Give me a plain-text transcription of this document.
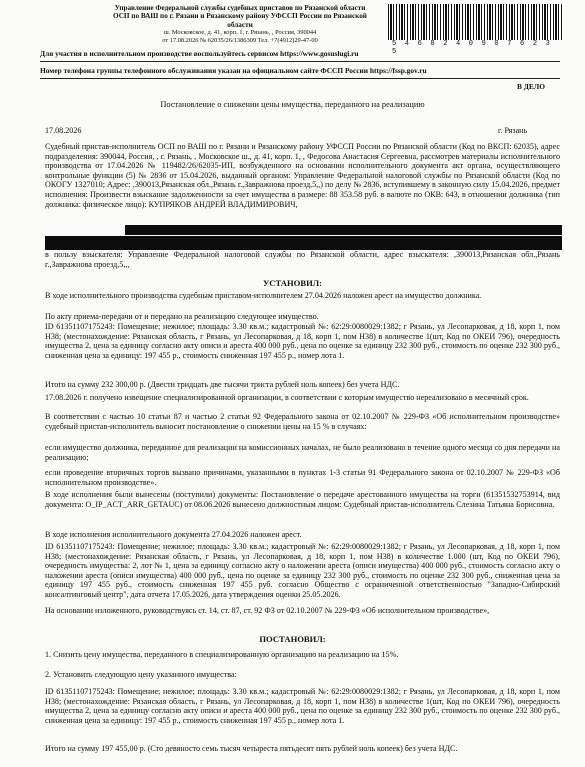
Управление Федеральной службы судебных приставов по Рязанской области
ОСП по ВАШ по г. Рязани и Рязанскому району УФССП России по Рязанской
области
ш. Московское, д. 41, корп. 1, г. Рязань, , Россия, 390044
от 17.08.2026 № 62035/26/1386309 Тел. +7(4912)29-47-00	5 4 6 8 2 4 0 9 0 7 6 2 3 5
Для участия в исполнительном производстве воспользуйтесь сервисом https://www.gosuslugi.ru
Номер телефона группы телефонного обслуживания указан на официальном сайте ФССП России https://fssp.gov.ru
В ДЕЛО
Постановление о снижении цены имущества, переданного на реализацию
17.08.2026	г. Рязань
Судебный пристав-исполнитель ОСП по ВАШ по г. Рязани и Рязанскому району УФССП России по Рязанской области (Код по ВКСП: 62035), адрес подразделения: 390044, Россия, , г. Рязань, , Московское ш., д. 41, корп. 1, , Федосова Анастасия Сергеевна, рассмотрев материалы исполнительного производства от 17.04.2026 № 119482/26/62035-ИП, возбужденного на основании исполнительного документа акт органа, осуществляющего контрольные функции (5) № 2836 от 15.04.2026, выданный органом: Управление Федеральной налоговой службы по Рязанской области (Код по ОКОГУ 1327010; Адрес: ,390013,Рязанская обл.,Рязань г.,Завражнова проезд,5,,) по делу № 2836, вступившему в законную силу 15.04.2026, предмет исполнения: Произвести взыскание задолженности за счет имущества в размере: 88 353.58 руб. в валюте по ОКВ: 643, в отношении должника (тип должника: физическое лицо): КУПРЯКОВ АНДРЕЙ ВЛАДИМИРОВИЧ,
в пользу взыскателя: Управление Федеральной налоговой службы по Рязанской области, адрес взыскателя: ,390013,Рязанская обл.,Рязань г.,Завражнова проезд,5,,,
УСТАНОВИЛ:
В ходе исполнительного производства судебным приставом-исполнителем 27.04.2026 наложен арест на имущество должника.
По акту приема-передачи от и передано на реализацию следующее имущество.
ID 61351107175243: Помещение; нежилое; площадь: 3.30 кв.м.; кадастровый №: 62:29:0080029:1382; г Рязань, ул Лесопарковая, д 18, корп 1, пом Н38; (местонахождение: Рязанская область, г Рязань, ул Лесопарковая, д 18, корп 1, пом Н38) в количестве 1(шт, Код по ОКЕИ 796), очередность имущества 2, цена за единицу согласно акту описи и ареста 400 000 руб., цена по оценке за единицу 232 300 руб., стоимость по оценке 232 300 руб., сниженная цена за единицу: 197 455 р., стоимость сниженная 197 455 р., номер лота 1.
Итого на сумму 232 300,00 р. (Двести тридцать две тысячи триста рублей ноль копеек) без учета НДС.
17.08.2026 г. получено извещение специализированной организации, в соответствии с которым имущество нереализовано в месячный срок.
В соответствии с частью 10 статьи 87 и частью 2 статьи 92 Федерального закона от 02.10.2007 № 229-ФЗ «Об исполнительном производстве» судебный пристав-исполнитель выносит постановление о снижении цены на 15 % в случаях:
если имущество должника, переданное для реализации на комиссионных началах, не было реализовано в течение одного месяца со дня передачи на реализацию;
если проведение вторичных торгов вызвано причинами, указанными в пунктах 1-3 статьи 91 Федерального закона от 02.10.2007 № 229-ФЗ «Об исполнительном производстве».
В ходе исполнения были вынесены (поступили) документы: Постановление о передаче арестованного имущества на торги (61351532753914, вид документа: O_IP_ACT_ARR_GETAUC) от 08.06.2026 вынесено должностным лицом: Судебный пристав-исполнитель Слезина Татьяна Борисовна.
В ходе исполнения исполнительного документа 27.04.2026 наложен арест.
ID 61351107175243: Помещение; нежилое; площадь: 3.30 кв.м.; кадастровый №: 62:29:0080029:1382; г Рязань, ул Лесопарковая, д 18, корп 1, пом Н38; (местонахождение: Рязанская область, г Рязань, ул Лесопарковая, д 18, корп 1, пом Н38) в количестве 1.000 (шт, Код по ОКЕИ 796), очередность имущества: 2, лот № 1, цена за единицу согласно акту о наложении ареста (описи имущества) 400 000 руб., стоимость согласно акту о наложении ареста (описи имущества) 400 000 руб., цена по оценке за единицу 232 300 руб., стоимость по оценке 232 300 руб., сниженная цена за единицу 197 455 руб., стоимость сниженная 197 455 руб. согласно Общество с ограниченной ответственностью "Западно-Сибирский консалтинговый центр", дата отчета 17.05.2026, дата утверждения оценки 25.05.2026.
На основании изложенного, руководствуясь ст. 14, ст. 87, ст. 92 ФЗ от 02.10.2007 № 229-ФЗ «Об исполнительном производстве»,
ПОСТАНОВИЛ:
1. Снизить цену имущества, переданного в специализированную организацию на реализацию на 15%.
2. Установить следующую цену указанного имущества:
ID 61351107175243: Помещение; нежилое; площадь: 3.30 кв.м.; кадастровый №: 62:29:0080029:1382; г Рязань, ул Лесопарковая, д 18, корп 1, пом Н38; (местонахождение: Рязанская область, г Рязань, ул Лесопарковая, д 18, корп 1, пом Н38) в количестве 1(шт, Код по ОКЕИ 796), очередность имущества 2, цена за единицу согласно акту описи и ареста 400 000 руб., цена по оценке за единицу 232 300 руб., стоимость по оценке 232 300 руб., сниженная цена за единицу: 197 455 р., стоимость сниженная 197 455 р., номер лота 1.
Итого на сумму 197 455,00 р. (Сто девяносто семь тысяч четыреста пятьдесят пять рублей ноль копеек) без учета НДС.
